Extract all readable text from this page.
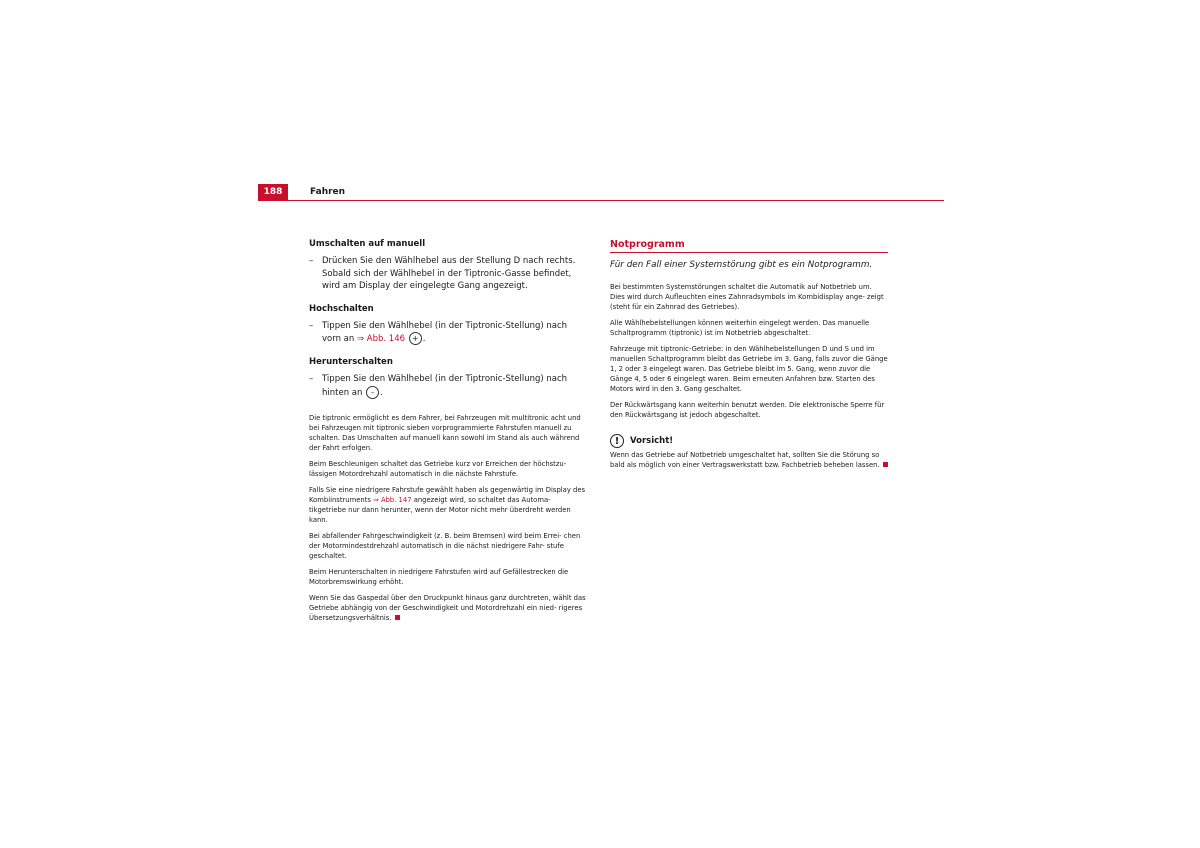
188	Fahren
Umschalten auf manuell

– Drücken Sie den Wählhebel aus der Stellung D nach rechts. Sobald sich der Wählhebel in der Tiptronic-Gasse befindet, wird am Display der eingelegte Gang angezeigt.

Hochschalten

– Tippen Sie den Wählhebel (in der Tiptronic-Stellung) nach vorn an ⇒ Abb. 146 + .

Herunterschalten

– Tippen Sie den Wählhebel (in der Tiptronic-Stellung) nach hinten an - .

Die tiptronic ermöglicht es dem Fahrer, bei Fahrzeugen mit multitronic acht und bei Fahrzeugen mit tiptronic sieben vorprogrammierte Fahrstufen manuell zu schalten. Das Umschalten auf manuell kann sowohl im Stand als auch während der Fahrt erfolgen.

Beim Beschleunigen schaltet das Getriebe kurz vor Erreichen der höchstzu- lässigen Motordrehzahl automatisch in die nächste Fahrstufe.

Falls Sie eine niedrigere Fahrstufe gewählt haben als gegenwärtig im Display des Kombiinstruments ⇒ Abb. 147 angezeigt wird, so schaltet das Automa- tikgetriebe nur dann herunter, wenn der Motor nicht mehr überdreht werden kann.

Bei abfallender Fahrgeschwindigkeit (z. B. beim Bremsen) wird beim Errei- chen der Motormindestdrehzahl automatisch in die nächst niedrigere Fahr- stufe geschaltet.

Beim Herunterschalten in niedrigere Fahrstufen wird auf Gefällestrecken die Motorbremswirkung erhöht.

Wenn Sie das Gaspedal über den Druckpunkt hinaus ganz durchtreten, wählt das Getriebe abhängig von der Geschwindigkeit und Motordrehzahl ein nied- rigeres Übersetzungsverhältnis.

Notprogramm

Für den Fall einer Systemstörung gibt es ein Notprogramm.

Bei bestimmten Systemstörungen schaltet die Automatik auf Notbetrieb um. Dies wird durch Aufleuchten eines Zahnradsymbols im Kombidisplay ange- zeigt (steht für ein Zahnrad des Getriebes).

Alle Wählhebelstellungen können weiterhin eingelegt werden. Das manuelle Schaltprogramm (tiptronic) ist im Notbetrieb abgeschaltet.

Fahrzeuge mit tiptronic-Getriebe: in den Wählhebelstellungen D und S und im manuellen Schaltprogramm bleibt das Getriebe im 3. Gang, falls zuvor die Gänge 1, 2 oder 3 eingelegt waren. Das Getriebe bleibt im 5. Gang, wenn zuvor die Gänge 4, 5 oder 6 eingelegt waren. Beim erneuten Anfahren bzw. Starten des Motors wird in den 3. Gang geschaltet.

Der Rückwärtsgang kann weiterhin benutzt werden. Die elektronische Sperre für den Rückwärtsgang ist jedoch abgeschaltet.

!	Vorsicht!

Wenn das Getriebe auf Notbetrieb umgeschaltet hat, sollten Sie die Störung so bald als möglich von einer Vertragswerkstatt bzw. Fachbetrieb beheben lassen.
